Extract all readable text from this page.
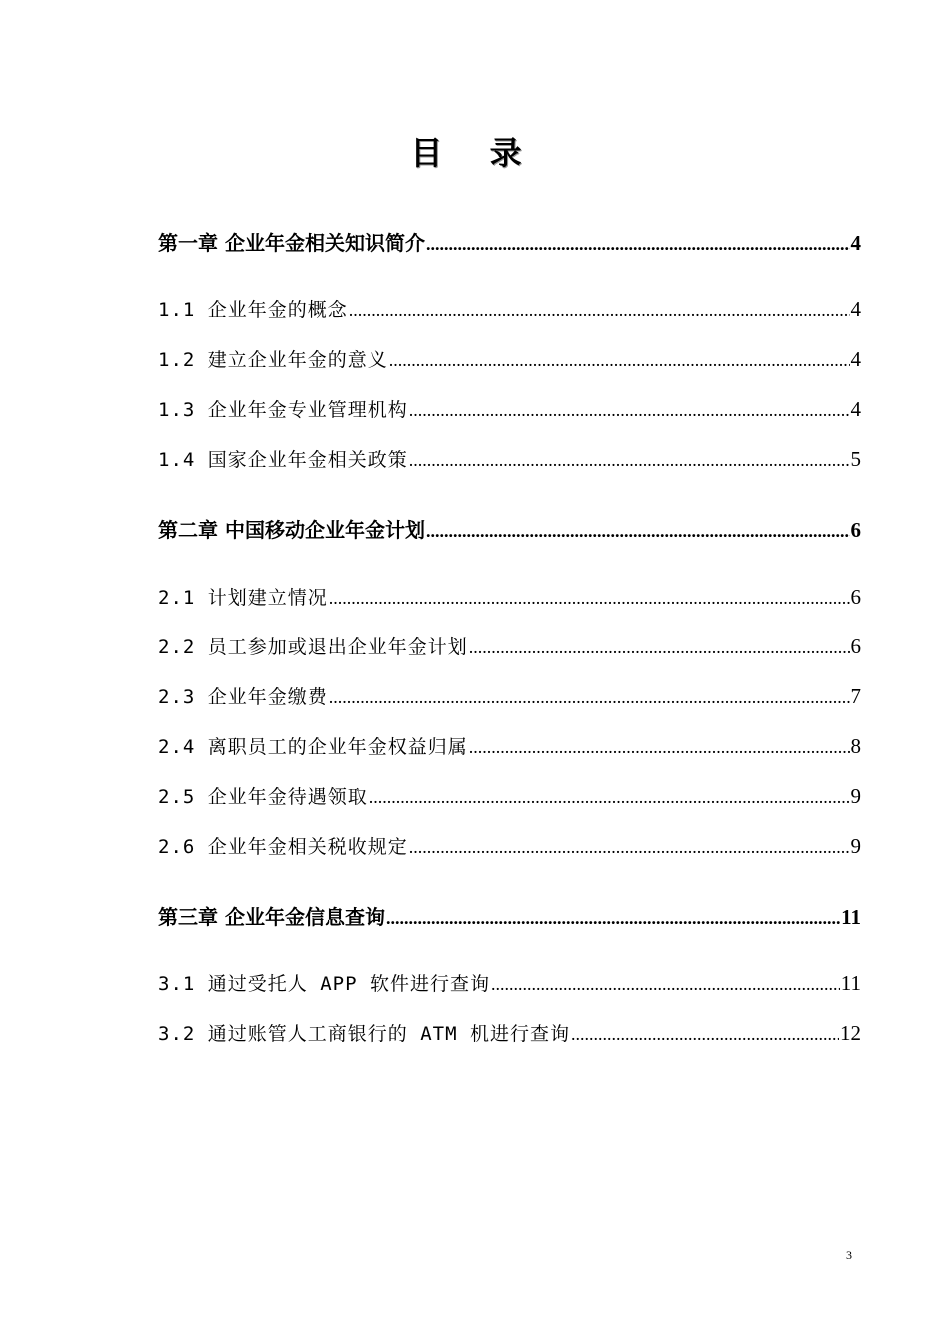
目 录
第一章 企业年金相关知识简介 .....	4
1.1 企业年金的概念 .....	4
1.2 建立企业年金的意义 .....	4
1.3 企业年金专业管理机构 .....	4
1.4 国家企业年金相关政策 .....	5
第二章 中国移动企业年金计划 .....	6
2.1 计划建立情况 .....	6
2.2 员工参加或退出企业年金计划 .....	6
2.3 企业年金缴费 .....	7
2.4 离职员工的企业年金权益归属 .....	8
2.5 企业年金待遇领取 .....	9
2.6 企业年金相关税收规定 .....	9
第三章 企业年金信息查询 .....	11
3.1 通过受托人 APP 软件进行查询 .....	11
3.2 通过账管人工商银行的 ATM 机进行查询 .....	12
3
